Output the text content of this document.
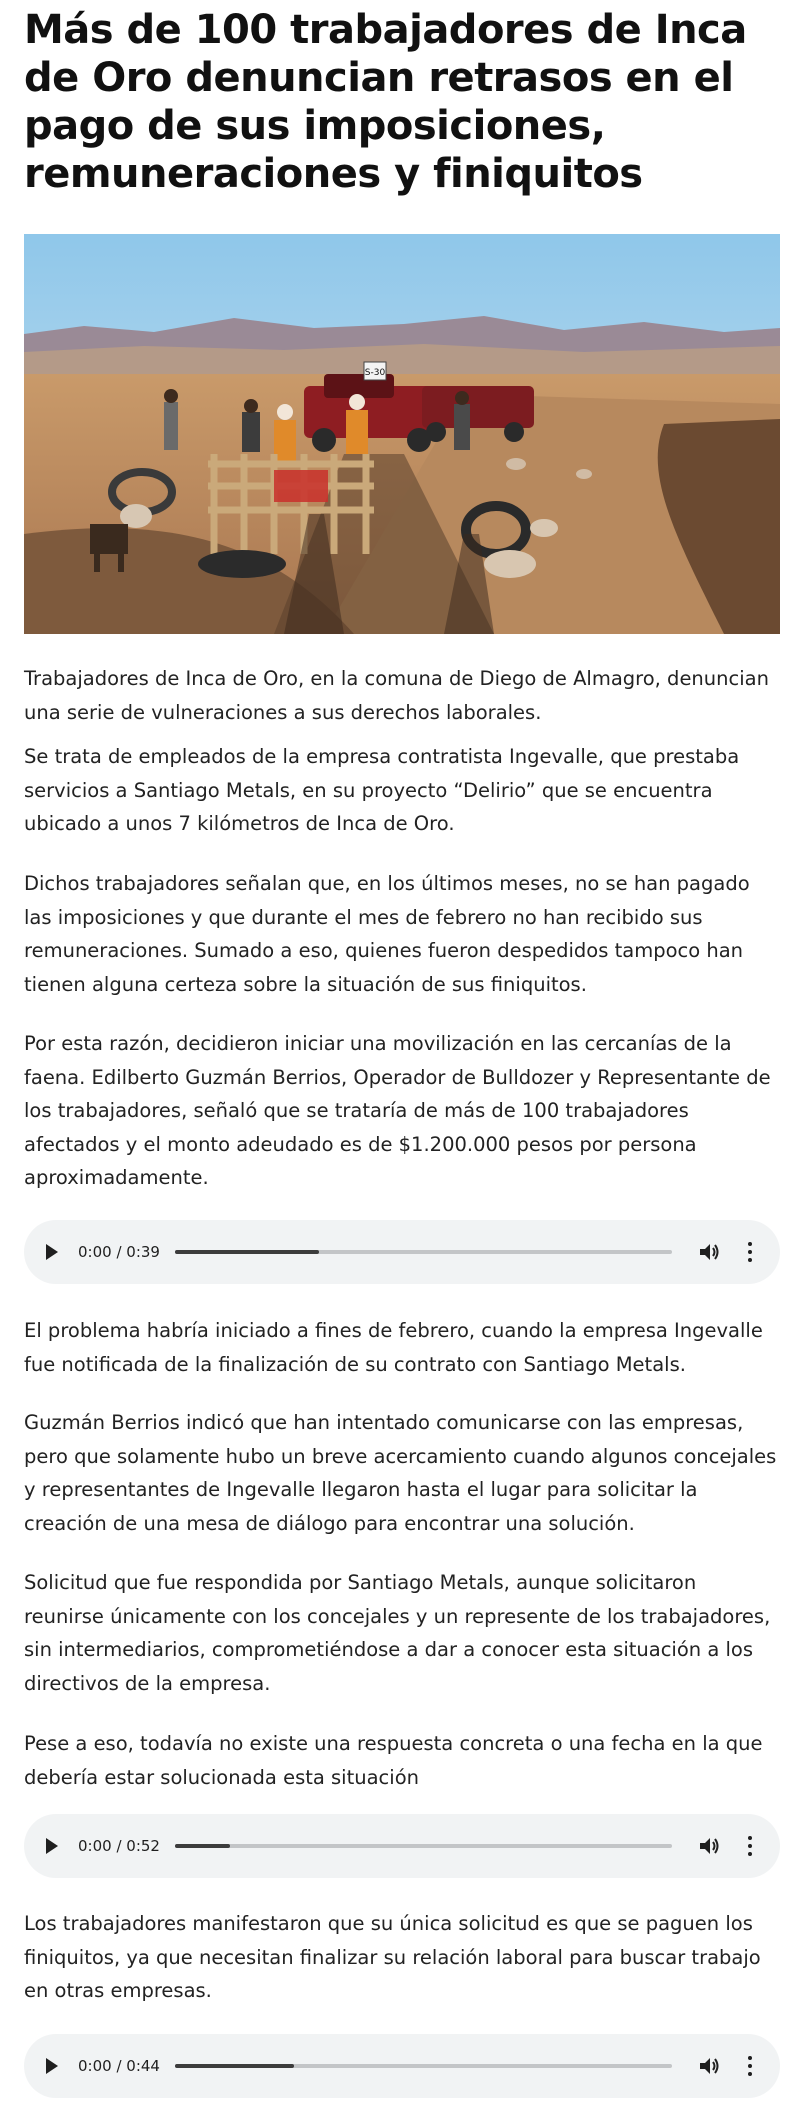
Más de 100 trabajadores de Inca de Oro denuncian retrasos en el pago de sus imposiciones, remuneraciones y finiquitos
S-30

Trabajadores de Inca de Oro, en la comuna de Diego de Almagro, denuncian una serie de vulneraciones a sus derechos laborales.

Se trata de empleados de la empresa contratista Ingevalle, que prestaba servicios a Santiago Metals, en su proyecto “Delirio” que se encuentra ubicado a unos 7 kilómetros de Inca de Oro.

Dichos trabajadores señalan que, en los últimos meses, no se han pagado las imposiciones y que durante el mes de febrero no han recibido sus remuneraciones. Sumado a eso, quienes fueron despedidos tampoco han tienen alguna certeza sobre la situación de sus finiquitos.

Por esta razón, decidieron iniciar una movilización en las cercanías de la faena. Edilberto Guzmán Berrios, Operador de Bulldozer y Representante de los trabajadores, señaló que se trataría de más de 100 trabajadores afectados y el monto adeudado es de $1.200.000 pesos por persona aproximadamente.

0:00 / 0:39

El problema habría iniciado a fines de febrero, cuando la empresa Ingevalle fue notificada de la finalización de su contrato con Santiago Metals.

Guzmán Berrios indicó que han intentado comunicarse con las empresas, pero que solamente hubo un breve acercamiento cuando algunos concejales y representantes de Ingevalle llegaron hasta el lugar para solicitar la creación de una mesa de diálogo para encontrar una solución.

Solicitud que fue respondida por Santiago Metals, aunque solicitaron reunirse únicamente con los concejales y un represente de los trabajadores, sin intermediarios, comprometiéndose a dar a conocer esta situación a los directivos de la empresa.

Pese a eso, todavía no existe una respuesta concreta o una fecha en la que debería estar solucionada esta situación

0:00 / 0:52

Los trabajadores manifestaron que su única solicitud es que se paguen los finiquitos, ya que necesitan finalizar su relación laboral para buscar trabajo en otras empresas.

0:00 / 0:44
